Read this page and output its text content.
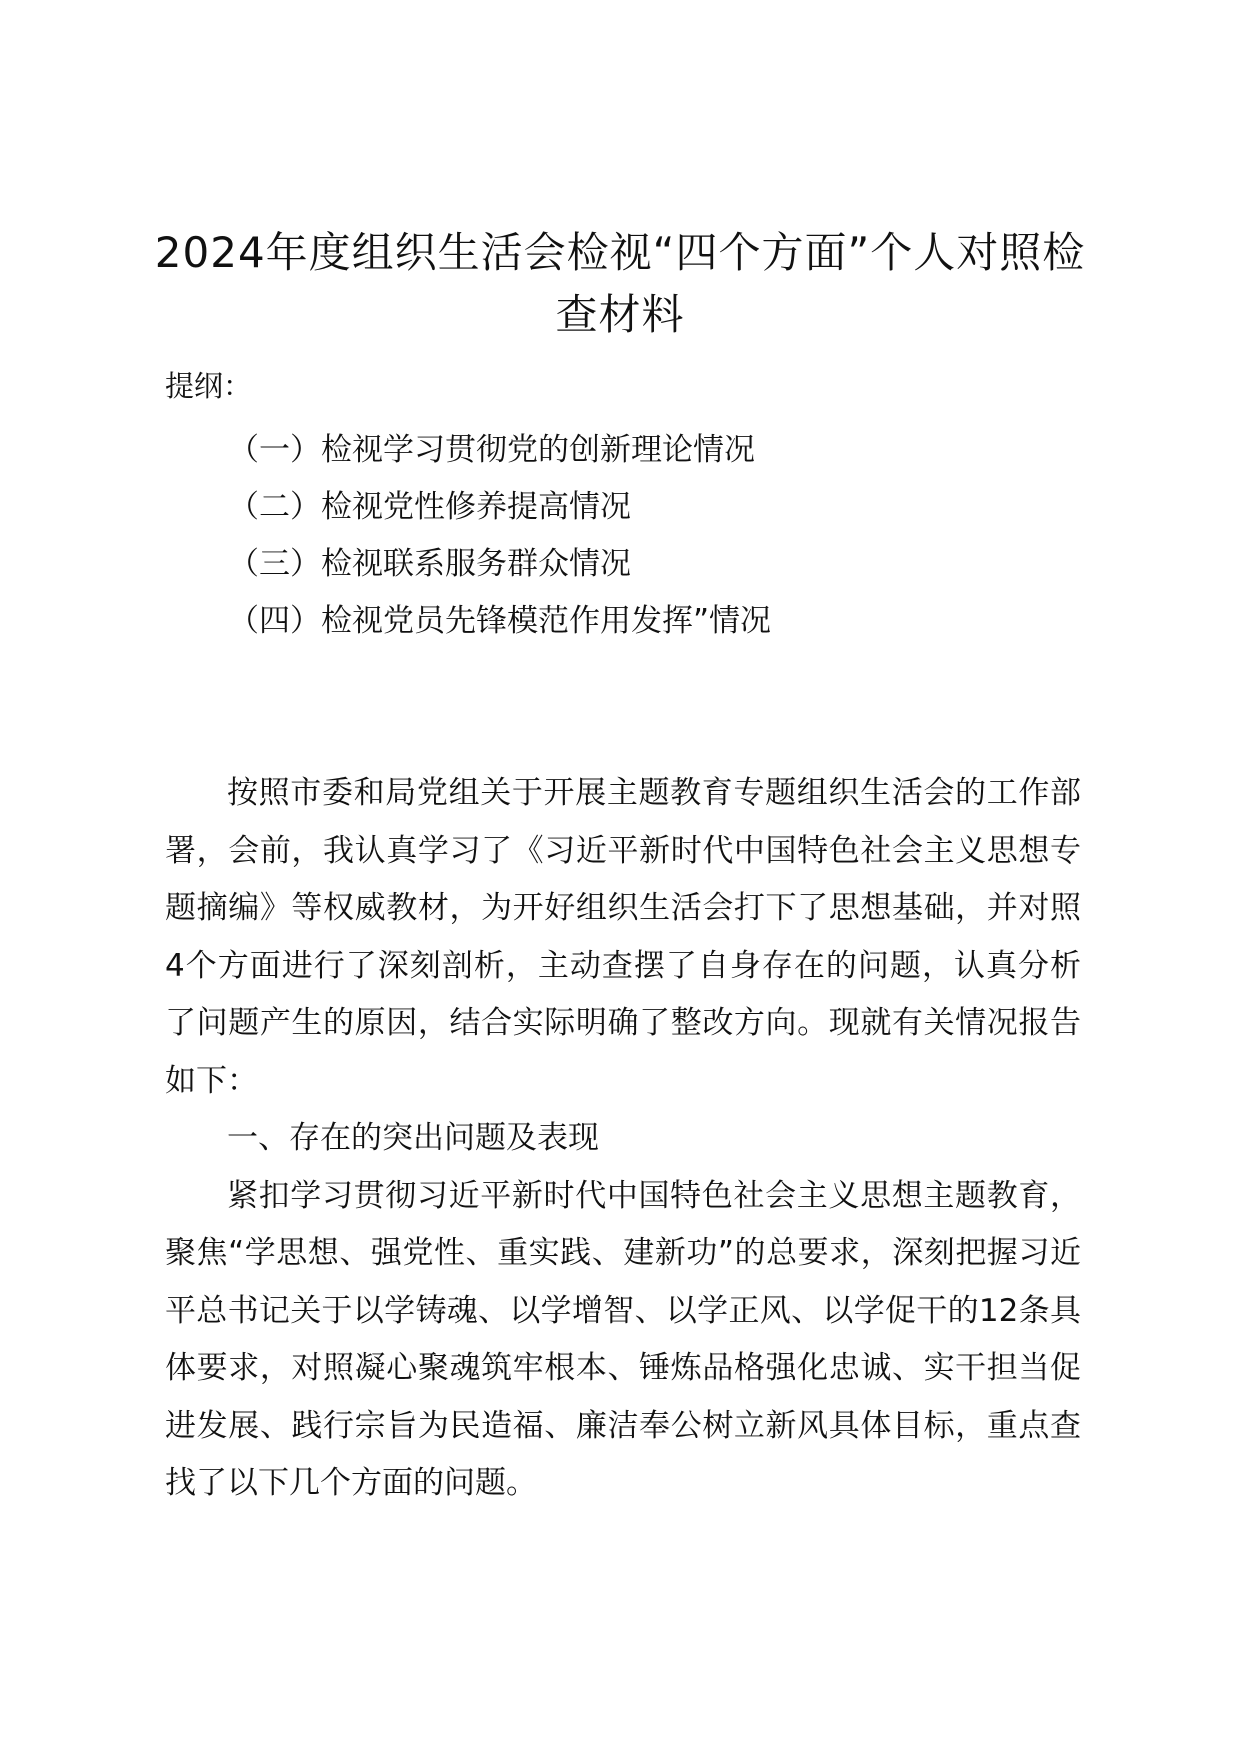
2024年度组织生活会检视“四个方面”个人对照检查材料
提纲：
（一）检视学习贯彻党的创新理论情况
（二）检视党性修养提高情况
（三）检视联系服务群众情况
（四）检视党员先锋模范作用发挥”情况

按照市委和局党组关于开展主题教育专题组织生活会的工作部署，会前，我认真学习了《习近平新时代中国特色社会主义思想专题摘编》等权威教材，为开好组织生活会打下了思想基础，并对照4个方面进行了深刻剖析，主动查摆了自身存在的问题，认真分析了问题产生的原因，结合实际明确了整改方向。现就有关情况报告如下：

一、存在的突出问题及表现

紧扣学习贯彻习近平新时代中国特色社会主义思想主题教育，聚焦“学思想、强党性、重实践、建新功”的总要求，深刻把握习近平总书记关于以学铸魂、以学增智、以学正风、以学促干的12条具体要求，对照凝心聚魂筑牢根本、锤炼品格强化忠诚、实干担当促进发展、践行宗旨为民造福、廉洁奉公树立新风具体目标，重点查找了以下几个方面的问题。
